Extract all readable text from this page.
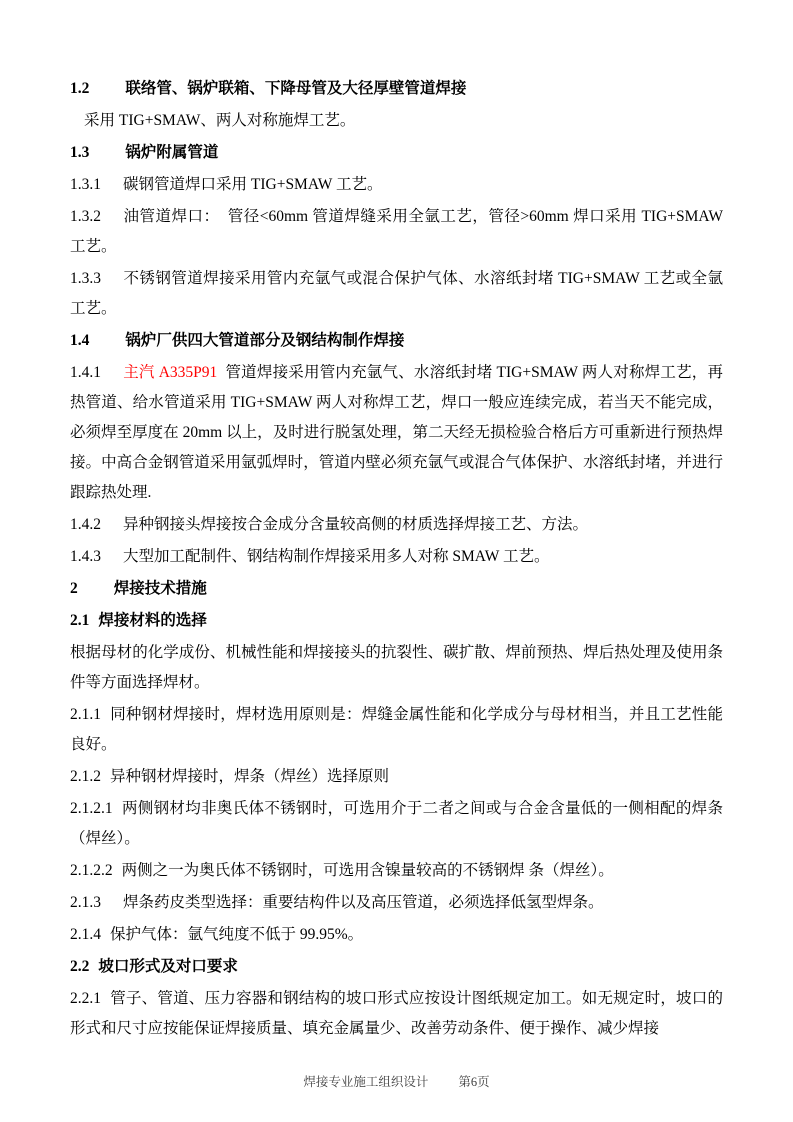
1.2 联络管、锅炉联箱、下降母管及大径厚壁管道焊接

采用 TIG+SMAW、两人对称施焊工艺。

1.3 锅炉附属管道

1.3.1 碳钢管道焊口采用 TIG+SMAW 工艺。

1.3.2 油管道焊口：　管径<60mm 管道焊缝采用全氩工艺，管径>60mm 焊口采用 TIG+SMAW 工艺。

1.3.3 不锈钢管道焊接采用管内充氩气或混合保护气体、水溶纸封堵 TIG+SMAW 工艺或全氩工艺。

1.4 锅炉厂供四大管道部分及钢结构制作焊接

1.4.1 主汽 A335P91 管道焊接采用管内充氩气、水溶纸封堵 TIG+SMAW 两人对称焊工艺，再热管道、给水管道采用 TIG+SMAW 两人对称焊工艺，焊口一般应连续完成，若当天不能完成，必须焊至厚度在 20mm 以上，及时进行脱氢处理，第二天经无损检验合格后方可重新进行预热焊接。中高合金钢管道采用氩弧焊时，管道内壁必须充氩气或混合气体保护、水溶纸封堵，并进行跟踪热处理.

1.4.2 异种钢接头焊接按合金成分含量较高侧的材质选择焊接工艺、方法。

1.4.3 大型加工配制件、钢结构制作焊接采用多人对称 SMAW 工艺。

2 焊接技术措施

2.1 焊接材料的选择

根据母材的化学成份、机械性能和焊接接头的抗裂性、碳扩散、焊前预热、焊后热处理及使用条件等方面选择焊材。

2.1.1 同种钢材焊接时，焊材选用原则是：焊缝金属性能和化学成分与母材相当，并且工艺性能良好。

2.1.2 异种钢材焊接时，焊条（焊丝）选择原则

2.1.2.1 两侧钢材均非奥氏体不锈钢时，可选用介于二者之间或与合金含量低的一侧相配的焊条（焊丝）。

2.1.2.2 两侧之一为奥氏体不锈钢时，可选用含镍量较高的不锈钢焊 条（焊丝）。

2.1.3 焊条药皮类型选择：重要结构件以及高压管道，必须选择低氢型焊条。

2.1.4 保护气体：氩气纯度不低于 99.95%。

2.2 坡口形式及对口要求

2.2.1 管子、管道、压力容器和钢结构的坡口形式应按设计图纸规定加工。如无规定时，坡口的形式和尺寸应按能保证焊接质量、填充金属量少、改善劳动条件、便于操作、减少焊接

焊接专业施工组织设计 第6页
